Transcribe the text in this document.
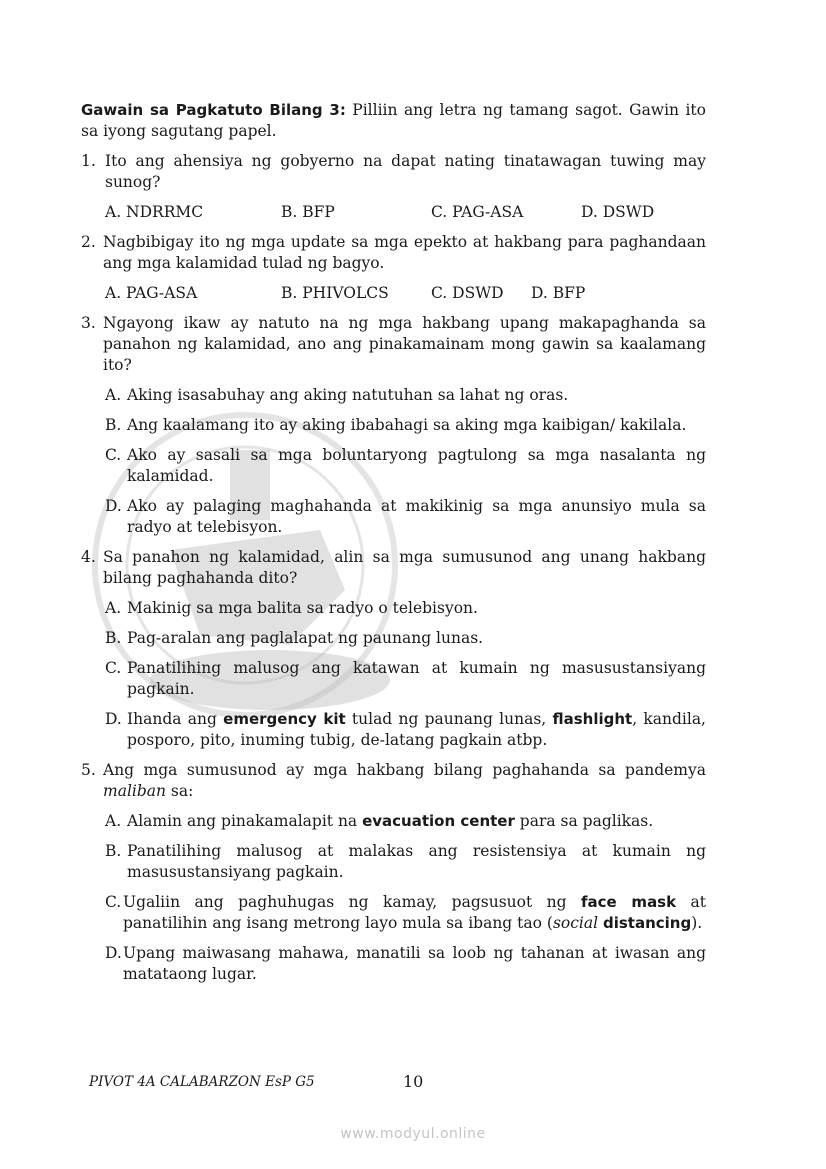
Gawain sa Pagkatuto Bilang 3: Pilliin ang letra ng tamang sagot. Gawin ito sa iyong sagutang papel.

1. Ito ang ahensiya ng gobyerno na dapat nating tinatawagan tuwing may sunog?
A. NDRRMC	B. BFP	C. PAG-ASA	D. DSWD
2. Nagbibigay ito ng mga update sa mga epekto at hakbang para paghandaan ang mga kalamidad tulad ng bagyo.
A. PAG-ASA	B. PHIVOLCS	C. DSWD	D. BFP
3. Ngayong ikaw ay natuto na ng mga hakbang upang makapaghanda sa panahon ng kalamidad, ano ang pinakamainam mong gawin sa kaalamang ito?
A. Aking isasabuhay ang aking natutuhan sa lahat ng oras.
B. Ang kaalamang ito ay aking ibabahagi sa aking mga kaibigan/ kakilala.
C. Ako ay sasali sa mga boluntaryong pagtulong sa mga nasalanta ng kalamidad.
D. Ako ay palaging maghahanda at makikinig sa mga anunsiyo mula sa radyo at telebisyon.
4. Sa panahon ng kalamidad, alin sa mga sumusunod ang unang hakbang bilang paghahanda dito?
A. Makinig sa mga balita sa radyo o telebisyon.
B. Pag-aralan ang paglalapat ng paunang lunas.
C. Panatilihing malusog ang katawan at kumain ng masusustansiyang pagkain.
D. Ihanda ang emergency kit tulad ng paunang lunas, flashlight, kandila, posporo, pito, inuming tubig, de-latang pagkain atbp.
5. Ang mga sumusunod ay mga hakbang bilang paghahanda sa pandemya maliban sa:
A. Alamin ang pinakamalapit na evacuation center para sa paglikas.
B. Panatilihing malusog at malakas ang resistensiya at kumain ng masusustansiyang pagkain.
C. Ugaliin ang paghuhugas ng kamay, pagsusuot ng face mask at panatilihin ang isang metrong layo mula sa ibang tao (social distancing).
D. Upang maiwasang mahawa, manatili sa loob ng tahanan at iwasan ang matataong lugar.
PIVOT 4A CALABARZON EsP G5	10
www.modyul.online
